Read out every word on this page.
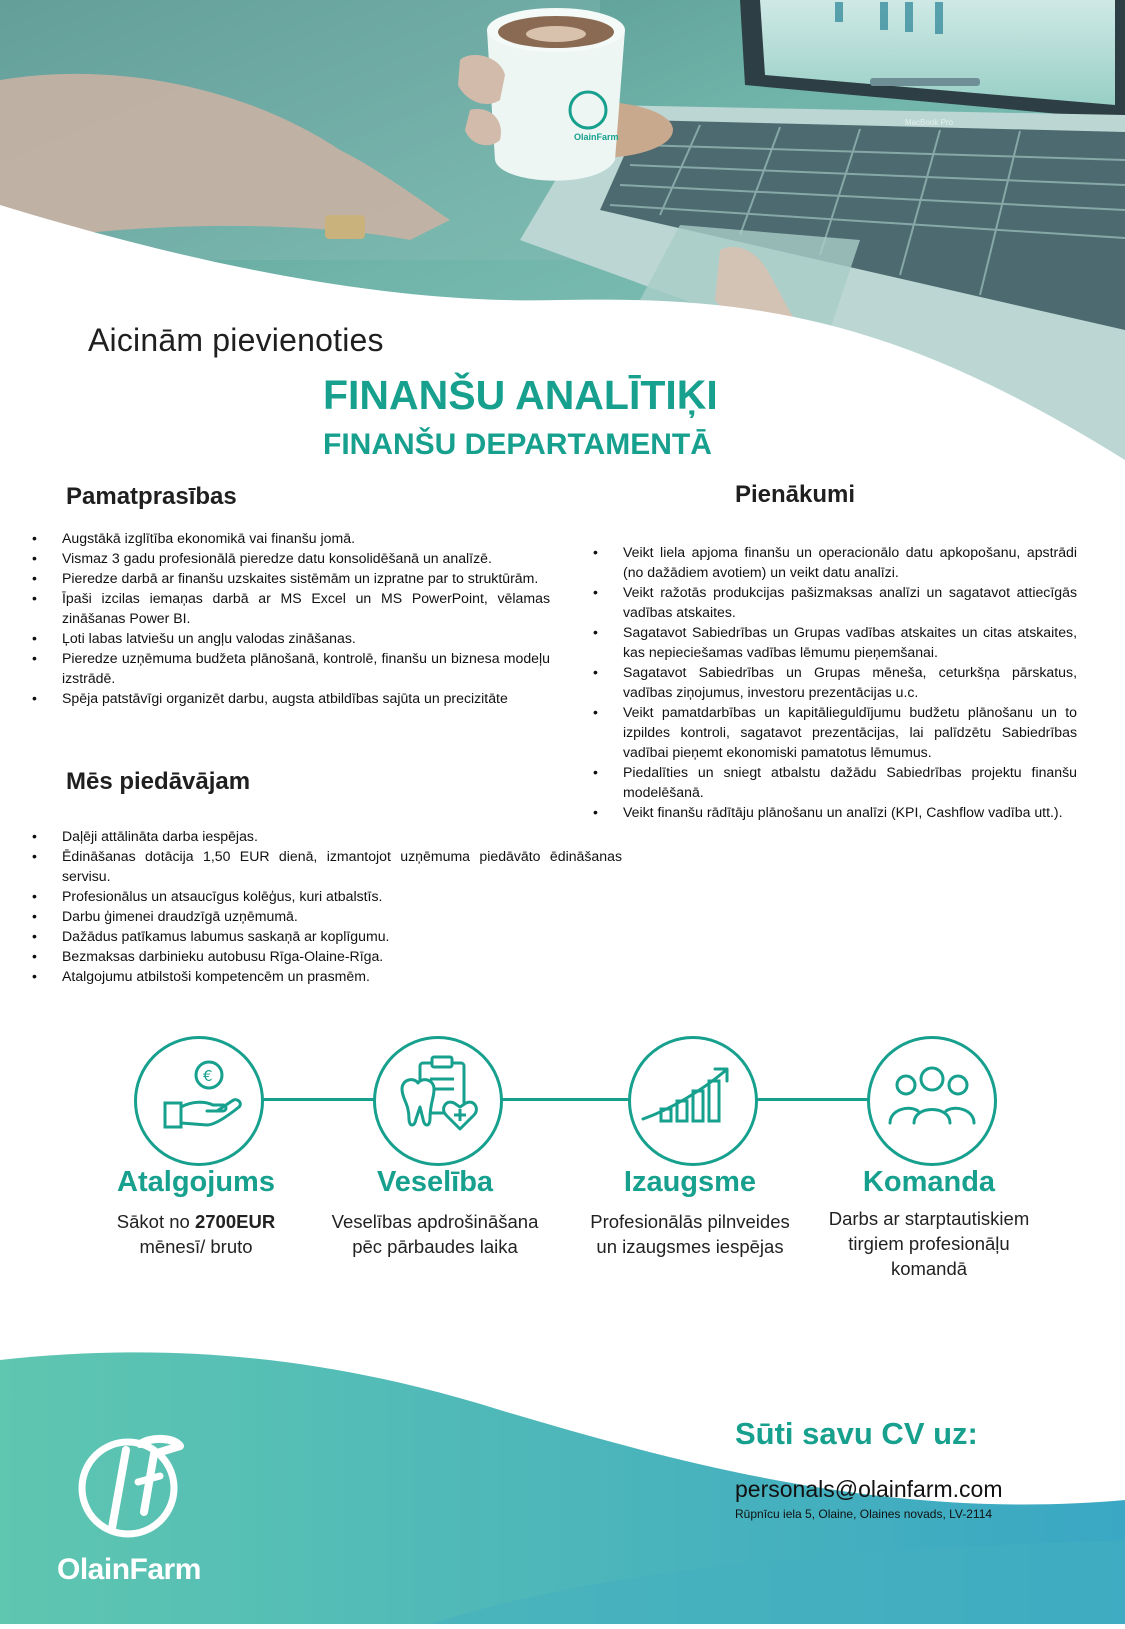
MacBook Pro
OlainFarm
Aicinām pievienoties
FINANŠU ANALĪTIĶI
FINANŠU DEPARTAMENTĀ
Pamatprasības
• Augstākā izglītība ekonomikā vai finanšu jomā.
• Vismaz 3 gadu profesionālā pieredze datu konsolidēšanā un analīzē.
• Pieredze darbā ar finanšu uzskaites sistēmām un izpratne par to struktūrām.
• Īpaši izcilas iemaņas darbā ar MS Excel un MS PowerPoint, vēlamas zināšanas Power BI.
• Ļoti labas latviešu un angļu valodas zināšanas.
• Pieredze uzņēmuma budžeta plānošanā, kontrolē, finanšu un biznesa modeļu izstrādē.
• Spēja patstāvīgi organizēt darbu, augsta atbildības sajūta un precizitāte
Mēs piedāvājam
• Daļēji attālināta darba iespējas.
• Ēdināšanas dotācija 1,50 EUR dienā, izmantojot uzņēmuma piedāvāto ēdināšanas servisu.
• Profesionālus un atsaucīgus kolēģus, kuri atbalstīs.
• Darbu ģimenei draudzīgā uzņēmumā.
• Dažādus patīkamus labumus saskaņā ar koplīgumu.
• Bezmaksas darbinieku autobusu Rīga-Olaine-Rīga.
• Atalgojumu atbilstoši kompetencēm un prasmēm.
Pienākumi
• Veikt liela apjoma finanšu un operacionālo datu apkopošanu, apstrādi (no dažādiem avotiem) un veikt datu analīzi.
• Veikt ražotās produkcijas pašizmaksas analīzi un sagatavot attiecīgās vadības atskaites.
• Sagatavot Sabiedrības un Grupas vadības atskaites un citas atskaites, kas nepieciešamas vadības lēmumu pieņemšanai.
• Sagatavot Sabiedrības un Grupas mēneša, ceturkšņa pārskatus, vadības ziņojumus, investoru prezentācijas u.c.
• Veikt pamatdarbības un kapitālieguldījumu budžetu plānošanu un to izpildes kontroli, sagatavot prezentācijas, lai palīdzētu Sabiedrības vadībai pieņemt ekonomiski pamatotus lēmumus.
• Piedalīties un sniegt atbalstu dažādu Sabiedrības projektu finanšu modelēšanā.
• Veikt finanšu rādītāju plānošanu un analīzi (KPI, Cashflow vadība utt.).
€
Atalgojums	Veselība	Izaugsme	Komanda
Sākot no 2700EUR
mēnesī/ bruto
Veselības apdrošināšana
pēc pārbaudes laika
Profesionālās pilnveides
un izaugsmes iespējas
Darbs ar starptautiskiem
tirgiem profesionāļu
komandā
Sūti savu CV uz:
personals@olainfarm.com
Rūpnīcu iela 5, Olaine, Olaines novads, LV-2114
OlainFarm
